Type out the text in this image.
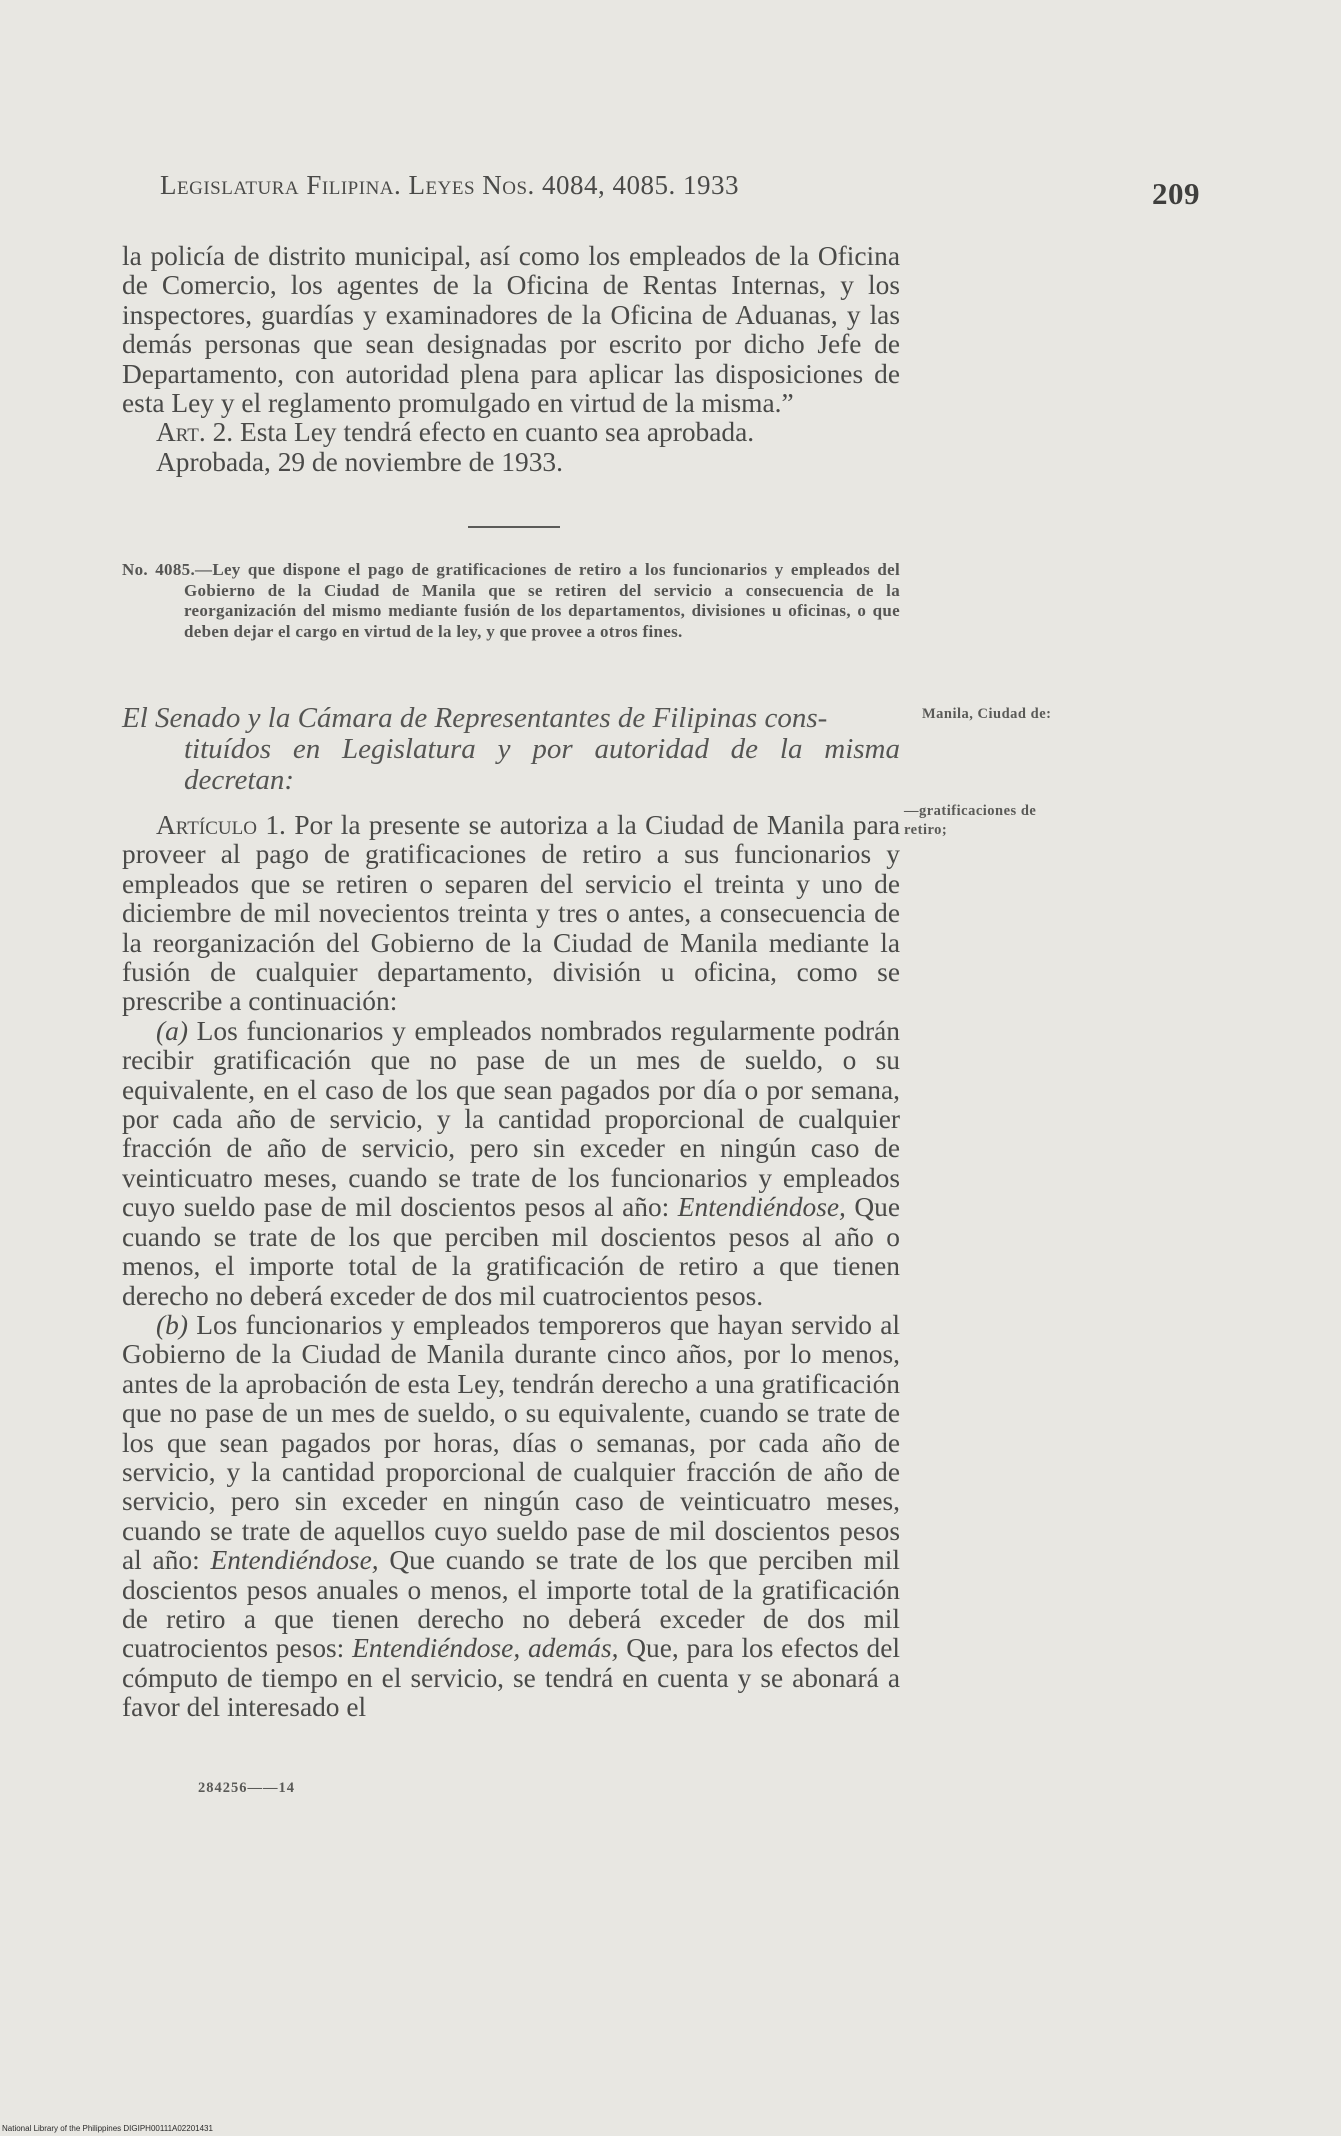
Legislatura Filipina. Leyes Nos. 4084, 4085. 1933	209

la policía de distrito municipal, así como los empleados de la Oficina de Comercio, los agentes de la Oficina de Rentas Internas, y los inspectores, guardías y examinadores de la Oficina de Aduanas, y las demás personas que sean designadas por escrito por dicho Jefe de Departamento, con autoridad plena para aplicar las disposiciones de esta Ley y el reglamento promulgado en virtud de la misma.”

Art. 2. Esta Ley tendrá efecto en cuanto sea aprobada.

Aprobada, 29 de noviembre de 1933.

No. 4085.—Ley que dispone el pago de gratificaciones de retiro a los funcionarios y empleados del Gobierno de la Ciudad de Manila que se retiren del servicio a consecuencia de la reorganización del mismo mediante fusión de los departamentos, divisiones u oficinas, o que deben dejar el cargo en virtud de la ley, y que provee a otros fines.

El Senado y la Cámara de Representantes de Filipinas cons-
tituídos en Legislatura y por autoridad de la misma decretan:
Manila, Ciudad de:
—gratificaciones de
retiro;

Artículo 1. Por la presente se autoriza a la Ciudad de Manila para proveer al pago de gratificaciones de retiro a sus funcionarios y empleados que se retiren o separen del servicio el treinta y uno de diciembre de mil novecientos treinta y tres o antes, a consecuencia de la reorganización del Gobierno de la Ciudad de Manila mediante la fusión de cualquier departamento, división u oficina, como se prescribe a continuación:

(a) Los funcionarios y empleados nombrados regularmente podrán recibir gratificación que no pase de un mes de sueldo, o su equivalente, en el caso de los que sean pagados por día o por semana, por cada año de servicio, y la cantidad proporcional de cualquier fracción de año de servicio, pero sin exceder en ningún caso de veinticuatro meses, cuando se trate de los funcionarios y empleados cuyo sueldo pase de mil doscientos pesos al año: Entendiéndose, Que cuando se trate de los que perciben mil doscientos pesos al año o menos, el importe total de la gratificación de retiro a que tienen derecho no deberá exceder de dos mil cuatrocientos pesos.

(b) Los funcionarios y empleados temporeros que hayan servido al Gobierno de la Ciudad de Manila durante cinco años, por lo menos, antes de la aprobación de esta Ley, tendrán derecho a una gratificación que no pase de un mes de sueldo, o su equivalente, cuando se trate de los que sean pagados por horas, días o semanas, por cada año de servicio, y la cantidad proporcional de cualquier fracción de año de servicio, pero sin exceder en ningún caso de veinticuatro meses, cuando se trate de aquellos cuyo sueldo pase de mil doscientos pesos al año: Entendiéndose, Que cuando se trate de los que perciben mil doscientos pesos anuales o menos, el importe total de la gratificación de retiro a que tienen derecho no deberá exceder de dos mil cuatrocientos pesos: Entendiéndose, además, Que, para los efectos del cómputo de tiempo en el servicio, se tendrá en cuenta y se abonará a favor del interesado el

284256——14
National Library of the Philippines DIGIPH00111A02201431
